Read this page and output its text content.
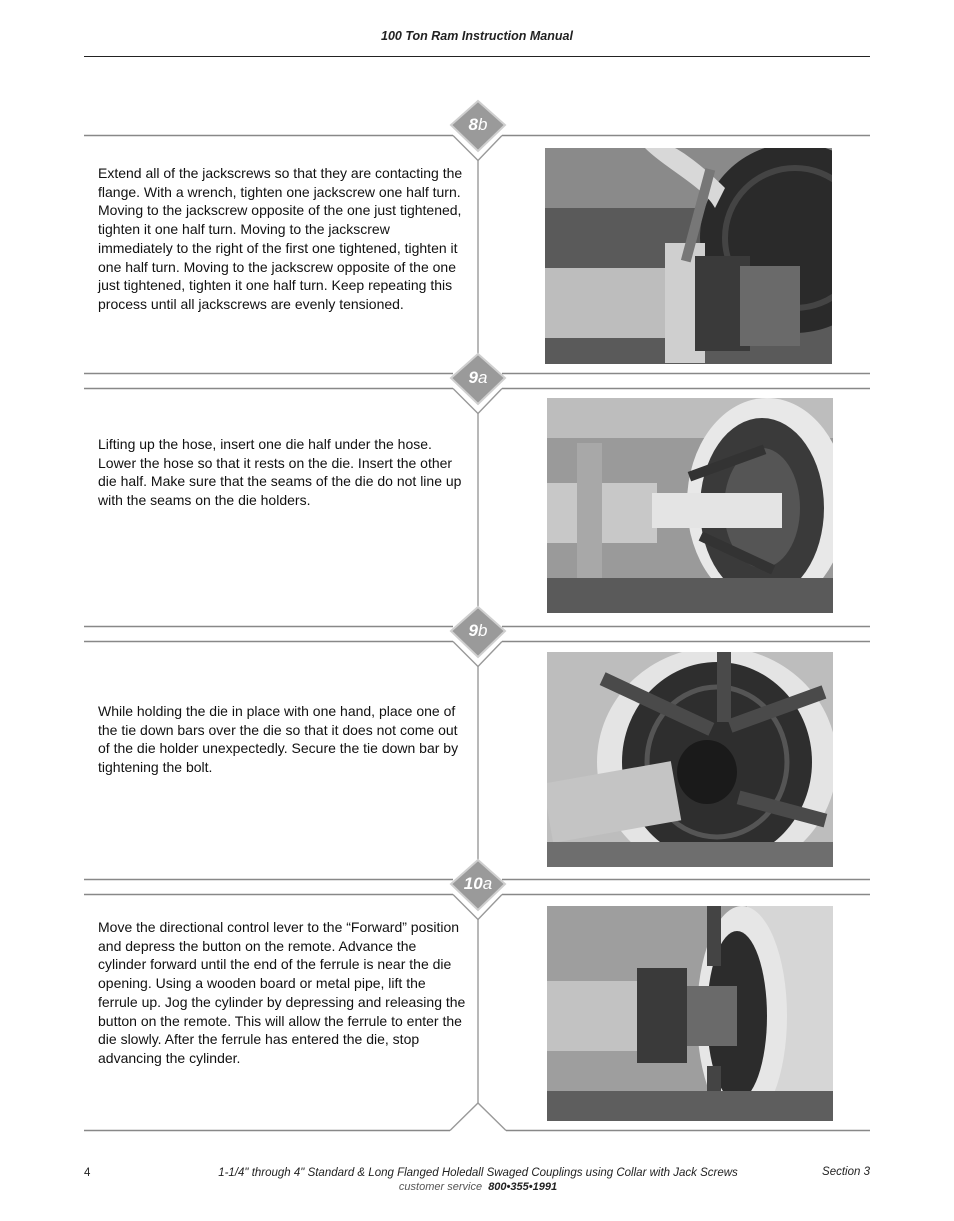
100 Ton Ram Instruction Manual
8b
Extend all of the jackscrews so that they are contacting the flange. With a wrench, tighten one jackscrew one half turn. Moving to the jackscrew opposite of the one just tightened, tighten it one half turn. Moving to the jackscrew immediately to the right of the first one tightened, tighten it one half turn. Moving to the jackscrew opposite of the one just tightened, tighten it one half turn. Keep repeating this process until all jackscrews are evenly tensioned.
9a
Lifting up the hose, insert one die half under the hose. Lower the hose so that it rests on the die. Insert the other die half. Make sure that the seams of the die do not line up with the seams on the die holders.
9b
While holding the die in place with one hand, place one of the tie down bars over the die so that it does not come out of the die holder unexpectedly. Secure the tie down bar by tightening the bolt.
10a
Move the directional control lever to the “Forward” position and depress the button on the remote. Advance the cylinder forward until the end of the ferrule is near the die opening. Using a wooden board or metal pipe, lift the ferrule up. Jog the cylinder by depressing and releasing the button on the remote. This will allow the ferrule to enter the die slowly. After the ferrule has entered the die, stop advancing the cylinder.
4	1-1/4" through 4" Standard & Long Flanged Holedall Swaged Couplings using Collar with Jack Screws
customer service 800•355•1991
Section 3
